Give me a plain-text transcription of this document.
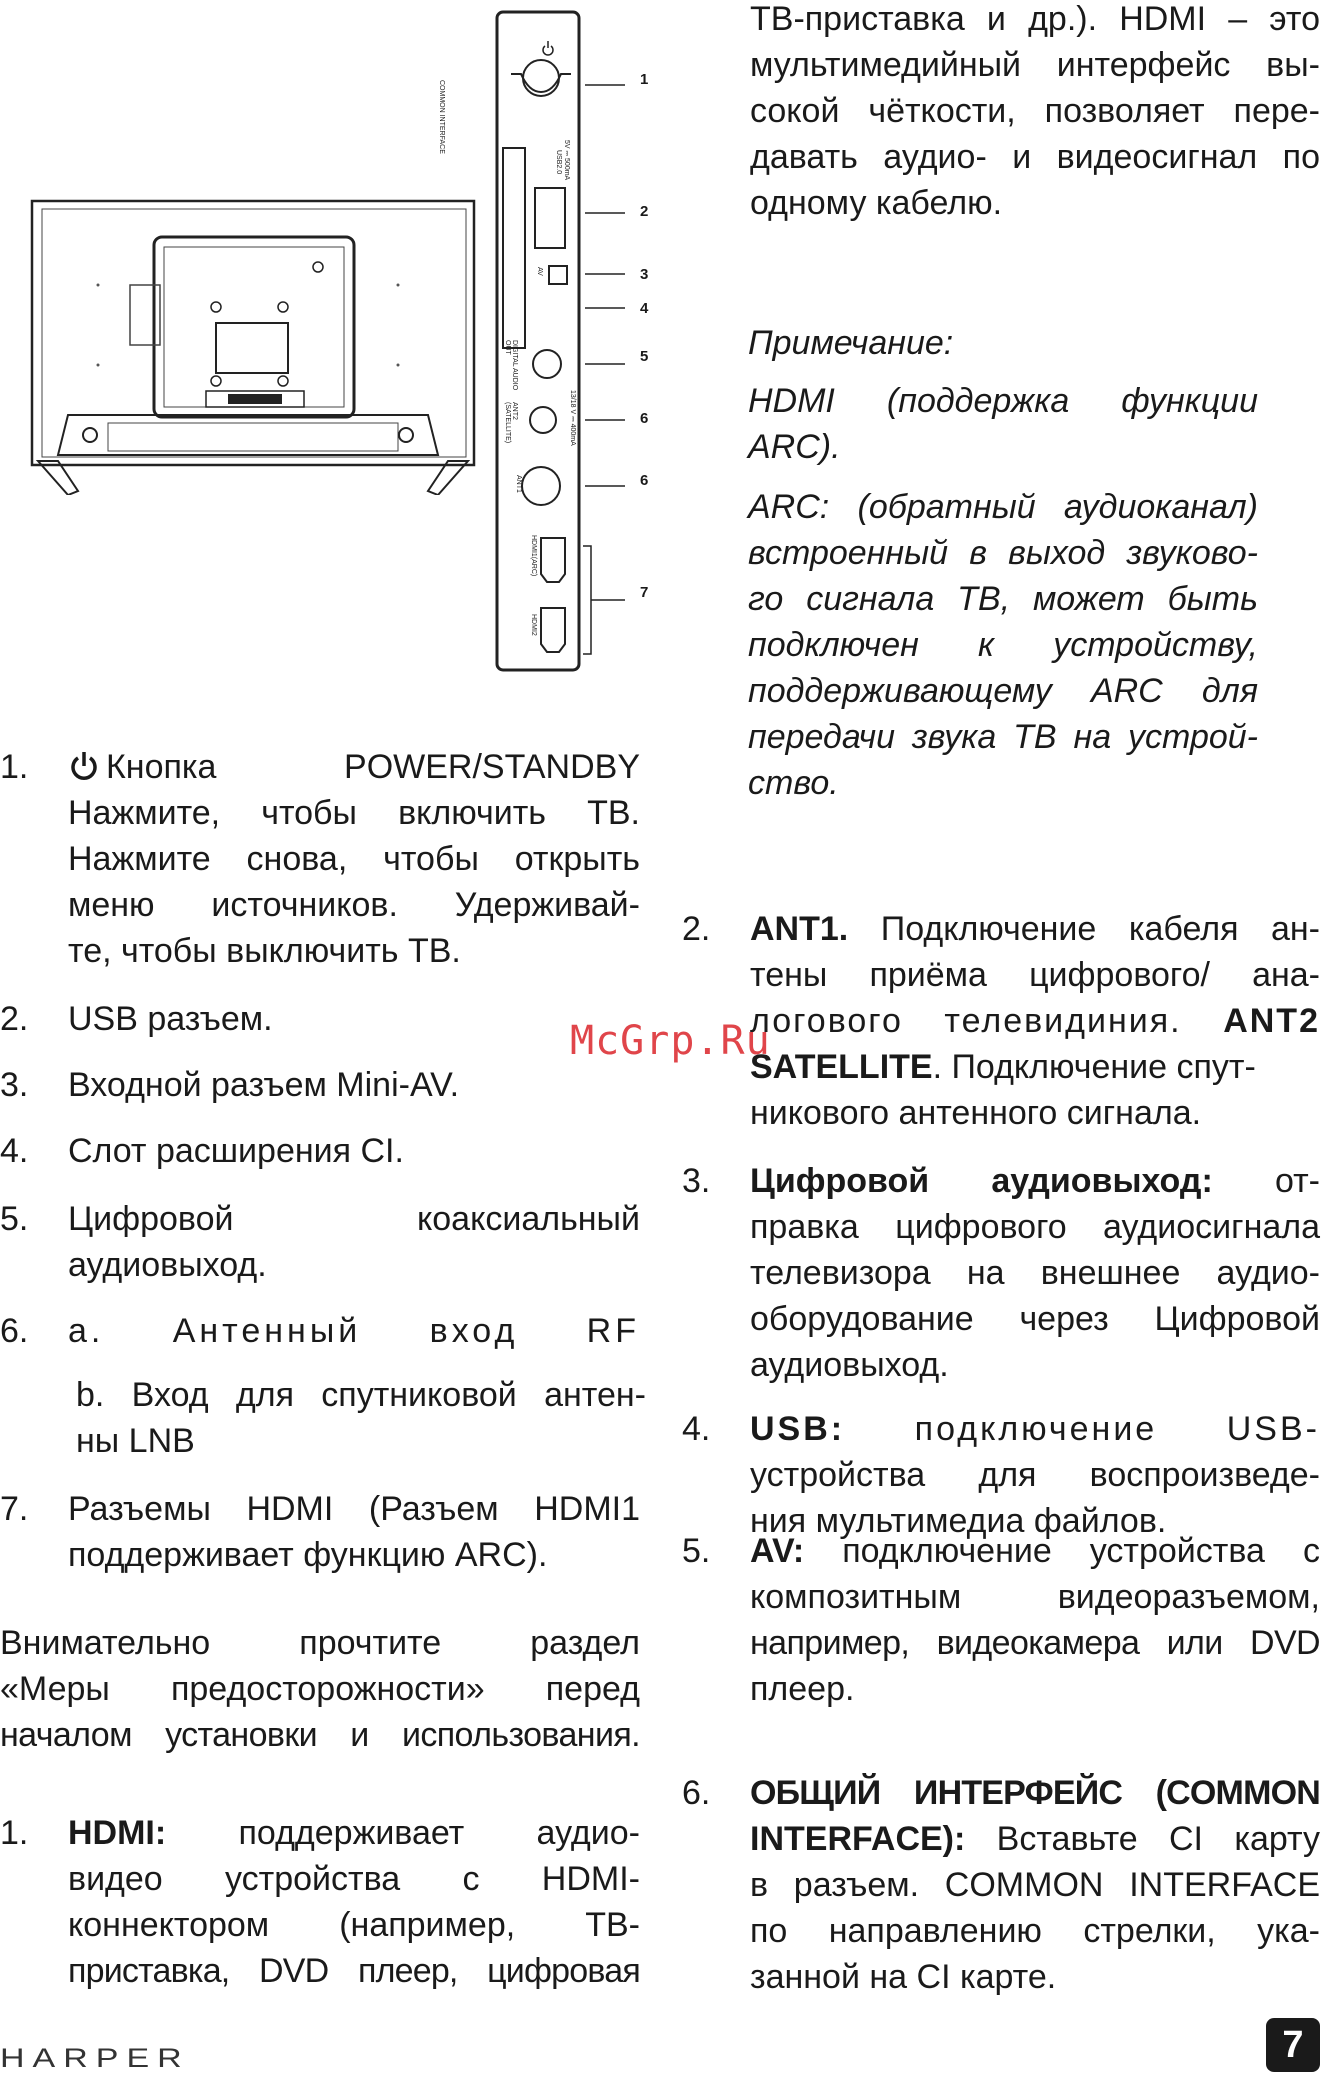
COMMON INTERFACE
USB2.0 5V ⎓ 500mA
AV
DIGITAL AUDIO OUT
ANT2 (SATELLITE)	13/18 V ⎓ 400mA
ANT1
HDMI1(ARC)
HDMI2
1
2
3
4
5
6
6
7
1.	Кнопка POWER/STANDBY
Нажмите, чтобы включить ТВ.
Нажмите снова, чтобы открыть
меню источников. Удерживай-
те, чтобы выключить ТВ.
2. USB разъем.
3. Входной разъем Mini-AV.
4. Слот расширения CI.
5. Цифровой коаксиальный
аудиовыход.
6. a. Антенный вход RF
b. Вход для спутниковой антен-
ны LNB
7. Разъемы HDMI (Разъем HDMI1
поддерживает функцию ARC).
Внимательно прочтите раздел
«Меры предосторожности» перед
началом установки и использования.
1. HDMI: поддерживает аудио-
видео устройства с HDMI-
коннектором (например, ТВ-
приставка, DVD плеер, цифровая
ТВ-приставка и др.). HDMI – это
мультимедийный интерфейс вы-
сокой чёткости, позволяет пере-
давать аудио- и видеосигнал по
одному кабелю.
Примечание:
HDMI (поддержка функции
ARC).
ARC: (обратный аудиоканал)
встроенный в выход звуково-
го сигнала ТВ, может быть
подключен к устройству,
поддерживающему ARC для
передачи звука ТВ на устрой-
ство.
2. ANT1. Подключение кабеля ан-
тены приёма цифрового/ ана-
логового телевидиния. ANT2
SATELLITE. Подключение спут-
никового антенного сигнала.
3. Цифровой аудиовыход: от-
правка цифрового аудиосигнала
телевизора на внешнее аудио-
оборудование через Цифровой
аудиовыход.
4. USB: подключение USB-
устройства для воспроизведе-
ния мультимедиа файлов.
5. AV: подключение устройства с
композитным видеоразъемом,
например, видеокамера или DVD
плеер.
6. ОБЩИЙ ИНТЕРФЕЙС (COMMON
INTERFACE): Вставьте CI карту
в разъем. COMMON INTERFACE
по направлению стрелки, ука-
занной на CI карте.
McGrp.Ru
HARPER	7
